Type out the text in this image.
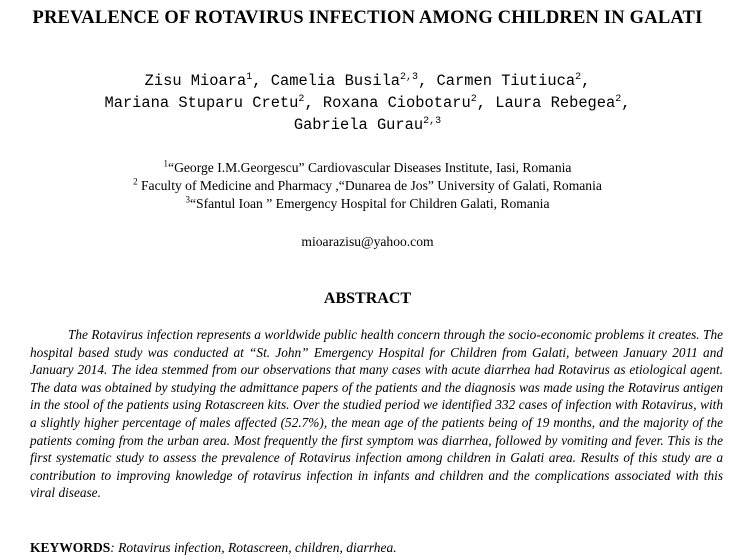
PREVALENCE OF ROTAVIRUS INFECTION AMONG CHILDREN IN GALATI
Zisu Mioara$^1$, Camelia Busila$^{2,3}$, Carmen Tiutiuca$^2$,
Mariana Stuparu Cretu$^2$, Roxana Ciobotaru$^2$, Laura Rebegea$^2$,
Gabriela Gurau$^{2,3}$
$^1$“George I.M.Georgescu” Cardiovascular Diseases Institute, Iasi, Romania
$^2$ Faculty of Medicine and Pharmacy ,“Dunarea de Jos” University of Galati, Romania
$^3$“Sfantul Ioan ” Emergency Hospital for Children Galati, Romania
mioarazisu@yahoo.com
ABSTRACT
The Rotavirus infection represents a worldwide public health concern through the socio-economic problems it creates. The hospital based study was conducted at “St. John” Emergency Hospital for Children from Galati, between January 2011 and January 2014. The idea stemmed from our observations that many cases with acute diarrhea had Rotavirus as etiological agent. The data was obtained by studying the admittance papers of the patients and the diagnosis was made using the Rotavirus antigen in the stool of the patients using Rotascreen kits. Over the studied period we identified 332 cases of infection with Rotavirus, with a slightly higher percentage of males affected (52.7%), the mean age of the patients being of 19 months, and the majority of the patients coming from the urban area. Most frequently the first symptom was diarrhea, followed by vomiting and fever. This is the first systematic study to assess the prevalence of Rotavirus infection among children in Galati area. Results of this study are a contribution to improving knowledge of rotavirus infection in infants and children and the complications associated with this viral disease.
KEYWORDS: Rotavirus infection, Rotascreen, children, diarrhea.
